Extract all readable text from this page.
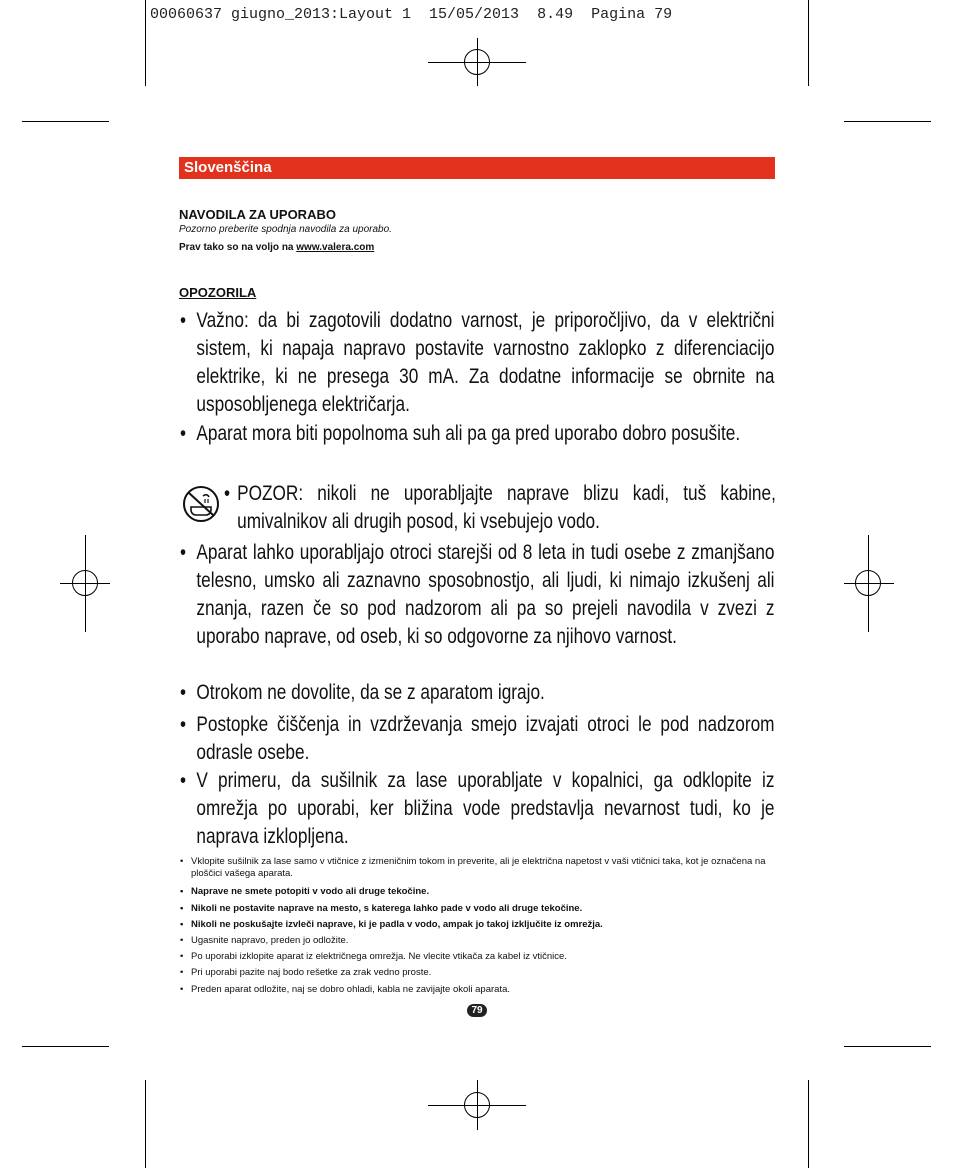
00060637 giugno_2013:Layout 1  15/05/2013  8.49  Pagina 79
Slovenščina
NAVODILA ZA UPORABO
Pozorno preberite spodnja navodila za uporabo.
Prav tako so na voljo na www.valera.com
OPOZORILA
• Važno: da bi zagotovili dodatno varnost, je priporočljivo, da v električni sistem, ki napaja napravo postavite varnostno zaklopko z diferenciacijo elektrike, ki ne presega 30 mA. Za dodatne informacije se obrnite na usposobljenega električarja.
• Aparat mora biti popolnoma suh ali pa ga pred uporabo dobro posušite.
• POZOR: nikoli ne uporabljajte naprave blizu kadi, tuš kabine, umivalnikov ali drugih posod, ki vsebujejo vodo.
• Aparat lahko uporabljajo otroci starejši od 8 leta in tudi osebe z zmanjšano telesno, umsko ali zaznavno sposobnostjo, ali ljudi, ki nimajo izkušenj ali znanja, razen če so pod nadzorom ali pa so prejeli navodila v zvezi z uporabo naprave, od oseb, ki so odgovorne za njihovo varnost.
• Otrokom ne dovolite, da se z aparatom igrajo.
• Postopke čiščenja in vzdrževanja smejo izvajati otroci le pod nadzorom odrasle osebe.
• V primeru, da sušilnik za lase uporabljate v kopalnici, ga odklopite iz omrežja po uporabi, ker bližina vode predstavlja nevarnost tudi, ko je naprava izklopljena.
• Vklopite sušilnik za lase samo v vtičnice z izmeničnim tokom in preverite, ali je električna napetost v vaši vtičnici taka, kot je označena na ploščici vašega aparata.
• Naprave ne smete potopiti v vodo ali druge tekočine.
• Nikoli ne postavite naprave na mesto, s katerega lahko pade v vodo ali druge tekočine.
• Nikoli ne poskušajte izvleči naprave, ki je padla v vodo, ampak jo takoj izključite iz omrežja.
• Ugasnite napravo, preden jo odložite.
• Po uporabi izklopite aparat iz električnega omrežja. Ne vlecite vtikača za kabel iz vtičnice.
• Pri uporabi pazite naj bodo rešetke za zrak vedno proste.
• Preden aparat odložite, naj se dobro ohladi, kabla ne zavijajte okoli aparata.
79
